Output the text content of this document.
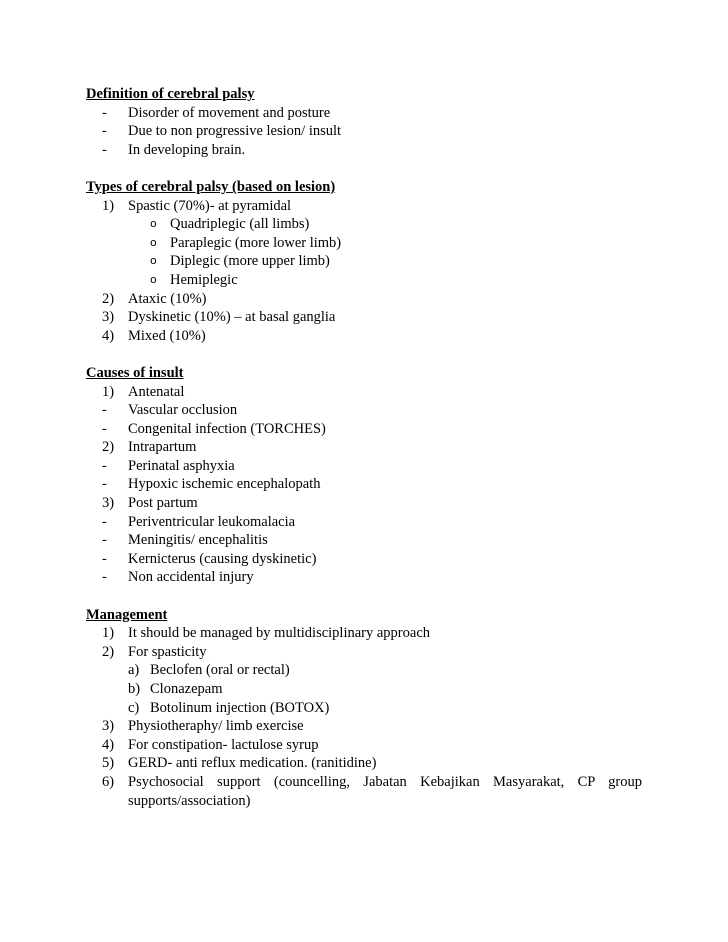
Definition of cerebral palsy
- Disorder of movement and posture
- Due to non progressive lesion/ insult
- In developing brain.
Types of cerebral palsy (based on lesion)
1) Spastic (70%)- at pyramidal
o Quadriplegic (all limbs)
o Paraplegic (more lower limb)
o Diplegic (more upper limb)
o Hemiplegic
2) Ataxic (10%)
3) Dyskinetic (10%) – at basal ganglia
4) Mixed (10%)
Causes of insult
1) Antenatal
- Vascular occlusion
- Congenital infection (TORCHES)
2) Intrapartum
- Perinatal asphyxia
- Hypoxic ischemic encephalopath
3) Post partum
- Periventricular leukomalacia
- Meningitis/ encephalitis
- Kernicterus (causing dyskinetic)
- Non accidental injury
Management
1) It should be managed by multidisciplinary approach
2) For spasticity
a) Beclofen (oral or rectal)
b) Clonazepam
c) Botolinum injection (BOTOX)
3) Physiotheraphy/ limb exercise
4) For constipation- lactulose syrup
5) GERD- anti reflux medication. (ranitidine)
6) Psychosocial support (councelling, Jabatan Kebajikan Masyarakat, CP group
supports/association)
